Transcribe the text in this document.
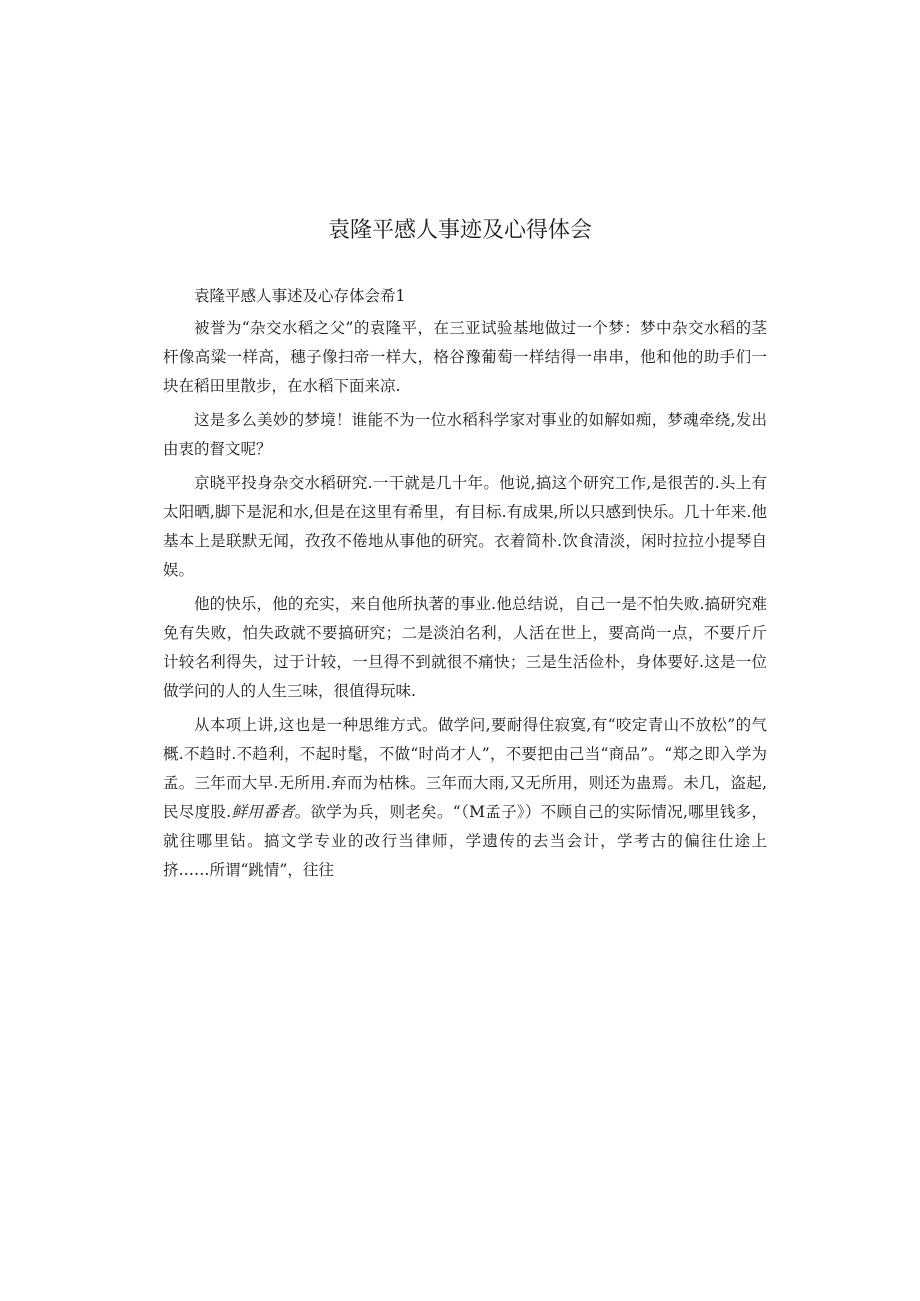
袁隆平感人事迹及心得体会

袁隆平感人事述及心存体会希1

被誉为“杂交水稻之父”的袁隆平，在三亚试验基地做过一个梦：梦中杂交水稻的茎杆像高粱一样高，穗子像扫帝一样大，格谷豫葡萄一样结得一串串，他和他的助手们一块在稻田里散步，在水稻下面来凉.

这是多么美妙的梦境！谁能不为一位水稻科学家对事业的如解如痴，梦魂牵绕,发出由衷的督文呢？

京晓平投身杂交水稻研究.一干就是几十年。他说,搞这个研究工作,是很苦的.头上有太阳晒,脚下是泥和水,但是在这里有希里，有目标.有成果,所以只感到快乐。几十年来.他基本上是联默无闻，孜孜不倦地从事他的研究。衣着简朴.饮食清淡，闲时拉拉小提琴自娱。

他的快乐，他的充实，来自他所执著的事业.他总结说，自己一是不怕失败.搞研究难免有失败，怕失政就不要搞研究；二是淡泊名利，人活在世上，要高尚一点，不要斤斤计较名利得失，过于计较，一旦得不到就很不痛快；三是生活俭朴，身体要好.这是一位做学问的人的人生三味，很值得玩味.

从本项上讲,这也是一种思维方式。做学问,要耐得住寂寞,有“咬定青山不放松”的气概.不趋时.不趋利，不起时髦，不做“时尚才人”，不要把由己当“商品”。“郑之即入学为孟。三年而大早.无所用.弃而为枯株。三年而大雨,又无所用，则还为蛊焉。未几，盗起,民尽度股.鲜用番者。欲学为兵，则老矣。“（M孟子》）不顾自己的实际情况,哪里钱多，就往哪里钻。搞文学专业的改行当律师，学遗传的去当会计，学考古的偏往仕途上挤……所谓“跳情”，往往
